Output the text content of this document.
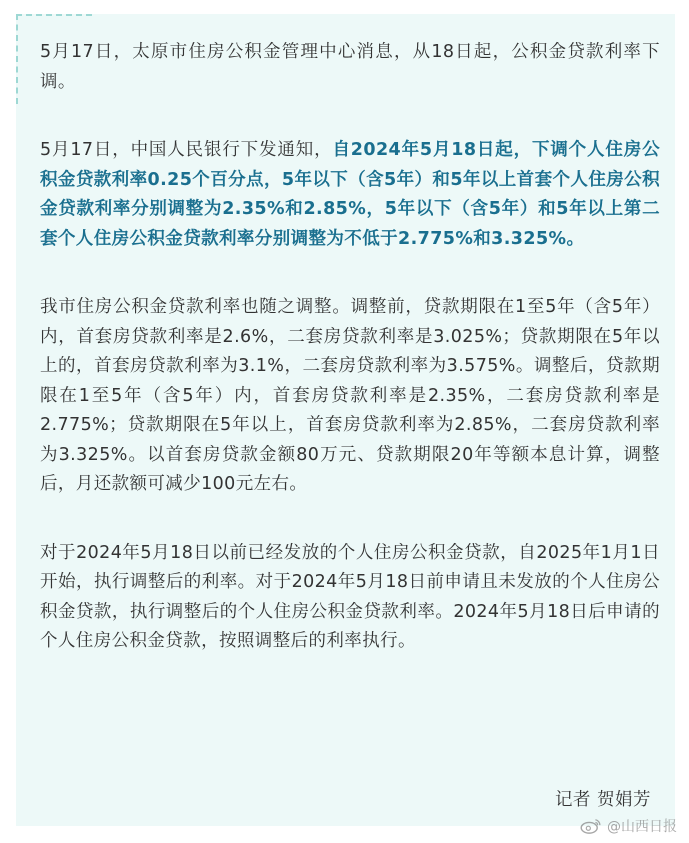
5月17日，太原市住房公积金管理中心消息，从18日起，公积金贷款利率下调。

5月17日，中国人民银行下发通知，自2024年5月18日起，下调个人住房公积金贷款利率0.25个百分点，5年以下（含5年）和5年以上首套个人住房公积金贷款利率分别调整为2.35%和2.85%，5年以下（含5年）和5年以上第二套个人住房公积金贷款利率分别调整为不低于2.775%和3.325%。

我市住房公积金贷款利率也随之调整。调整前，贷款期限在1至5年（含5年）内，首套房贷款利率是2.6%，二套房贷款利率是3.025%；贷款期限在5年以上的，首套房贷款利率为3.1%，二套房贷款利率为3.575%。调整后，贷款期限在1至5年（含5年）内，首套房贷款利率是2.35%，二套房贷款利率是2.775%；贷款期限在5年以上，首套房贷款利率为2.85%，二套房贷款利率为3.325%。以首套房贷款金额80万元、贷款期限20年等额本息计算，调整后，月还款额可减少100元左右。

对于2024年5月18日以前已经发放的个人住房公积金贷款，自2025年1月1日开始，执行调整后的利率。对于2024年5月18日前申请且未发放的个人住房公积金贷款，执行调整后的个人住房公积金贷款利率。2024年5月18日后申请的个人住房公积金贷款，按照调整后的利率执行。

记者 贺娟芳
@山西日报
